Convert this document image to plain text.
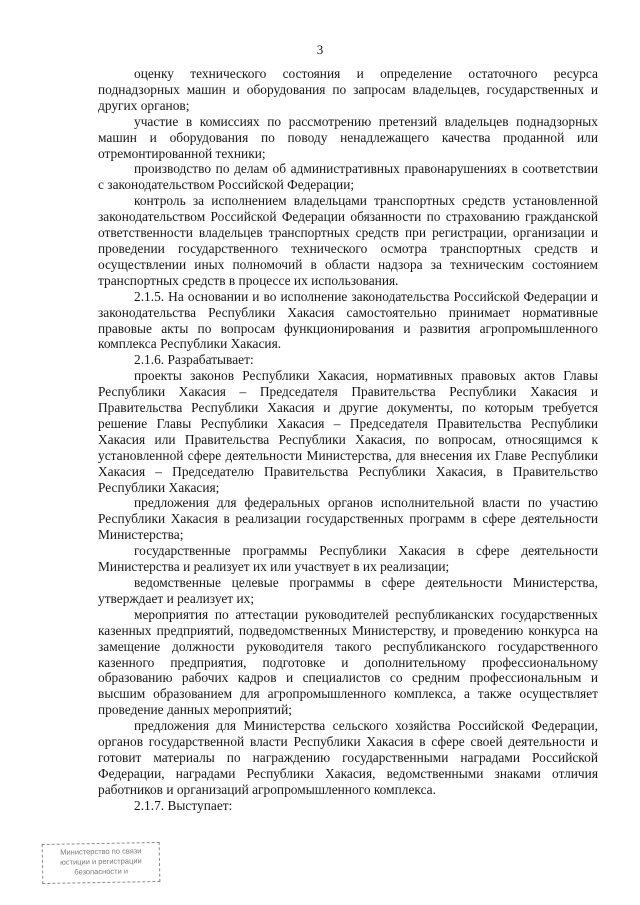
3

оценку технического состояния и определение остаточного ресурса поднадзорных машин и оборудования по запросам владельцев, государственных и других органов;

участие в комиссиях по рассмотрению претензий владельцев поднадзорных машин и оборудования по поводу ненадлежащего качества проданной или отремонтированной техники;

производство по делам об административных правонарушениях в соответствии с законодательством Российской Федерации;

контроль за исполнением владельцами транспортных средств установленной законодательством Российской Федерации обязанности по страхованию гражданской ответственности владельцев транспортных средств при регистрации, организации и проведении государственного технического осмотра транспортных средств и осуществлении иных полномочий в области надзора за техническим состоянием транспортных средств в процессе их использования.

2.1.5. На основании и во исполнение законодательства Российской Федерации и законодательства Республики Хакасия самостоятельно принимает нормативные правовые акты по вопросам функционирования и развития агропромышленного комплекса Республики Хакасия.

2.1.6. Разрабатывает:

проекты законов Республики Хакасия, нормативных правовых актов Главы Республики Хакасия – Председателя Правительства Республики Хакасия и Правительства Республики Хакасия и другие документы, по которым требуется решение Главы Республики Хакасия – Председателя Правительства Республики Хакасия или Правительства Республики Хакасия, по вопросам, относящимся к установленной сфере деятельности Министерства, для внесения их Главе Республики Хакасия – Председателю Правительства Республики Хакасия, в Правительство Республики Хакасия;

предложения для федеральных органов исполнительной власти по участию Республики Хакасия в реализации государственных программ в сфере деятельности Министерства;

государственные программы Республики Хакасия в сфере деятельности Министерства и реализует их или участвует в их реализации;

ведомственные целевые программы в сфере деятельности Министерства, утверждает и реализует их;

мероприятия по аттестации руководителей республиканских государственных казенных предприятий, подведомственных Министерству, и проведению конкурса на замещение должности руководителя такого республиканского государственного казенного предприятия, подготовке и дополнительному профессиональному образованию рабочих кадров и специалистов со средним профессиональным и высшим образованием для агропромышленного комплекса, а также осуществляет проведение данных мероприятий;

предложения для Министерства сельского хозяйства Российской Федерации, органов государственной власти Республики Хакасия в сфере своей деятельности и готовит материалы по награждению государственными наградами Российской Федерации, наградами Республики Хакасия, ведомственными знаками отличия работников и организаций агропромышленного комплекса.

2.1.7. Выступает:

Министерство по связи
юстиции и регистрации
безопасности и
